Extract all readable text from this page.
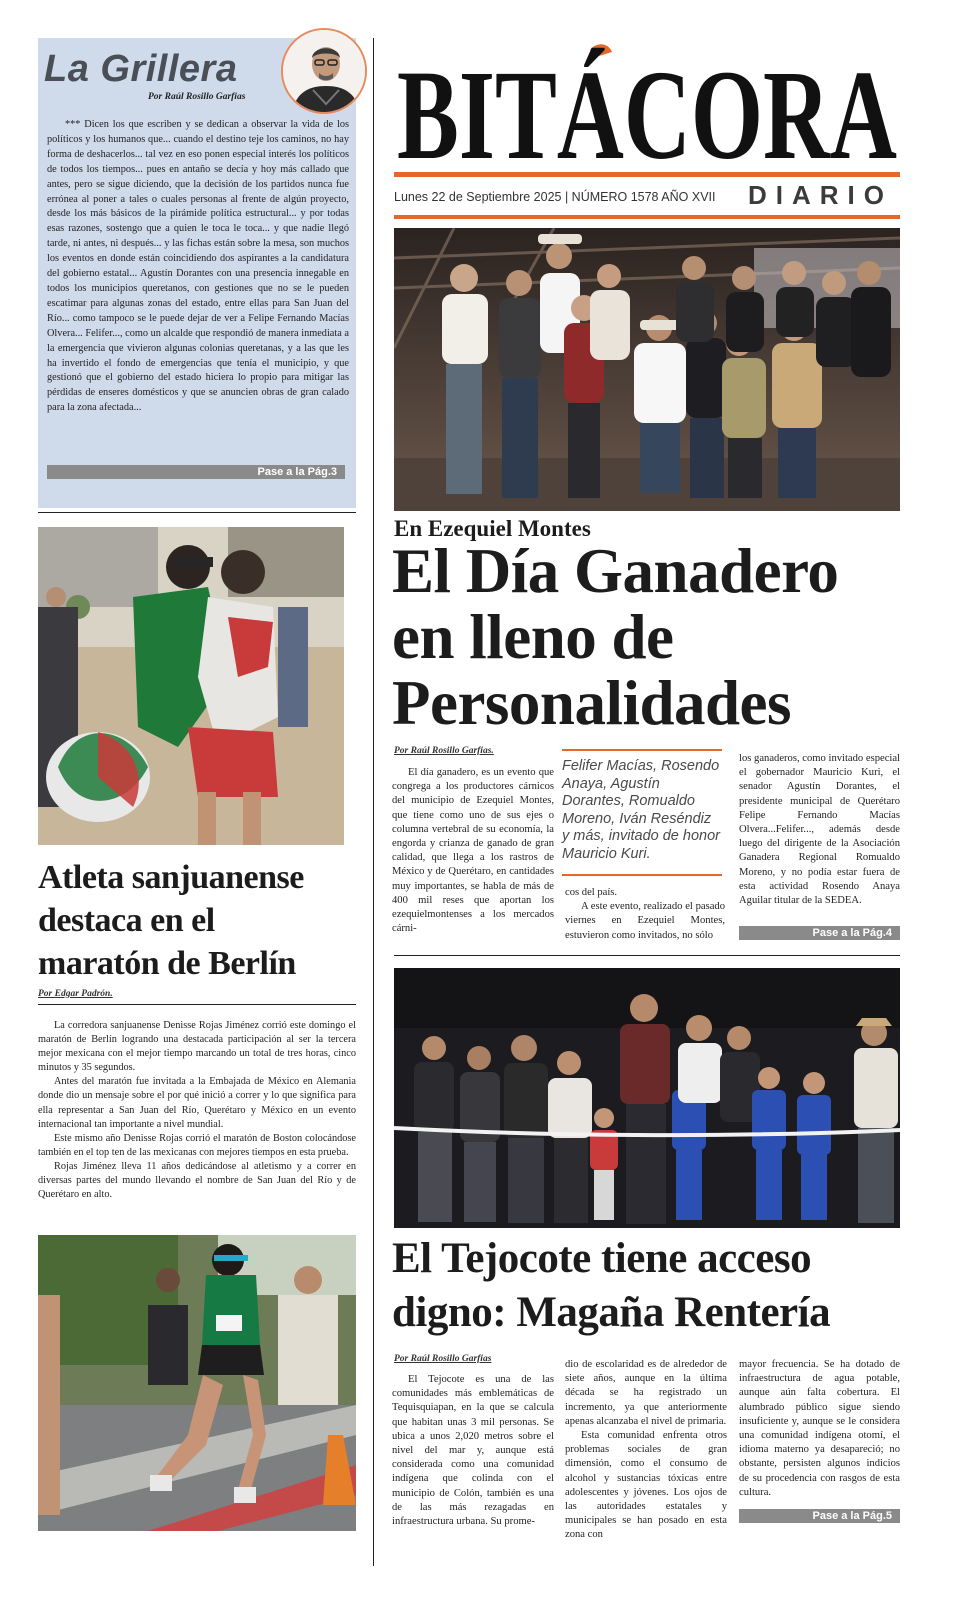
La Grillera
Por Raúl Rosillo Garfias
*** Dicen los que escriben y se dedican a observar la vida de los políticos y los humanos que... cuando el destino teje los caminos, no hay forma de deshacerlos... tal vez en eso ponen especial interés los políticos de todos los tiempos... pues en antaño se decía y hoy más callado que antes, pero se sigue diciendo, que la decisión de los partidos nunca fue errónea al poner a tales o cuales personas al frente de algún proyecto, desde los más básicos de la pirámide política estructural... y por todas esas razones, sostengo que a quien le toca le toca... y que nadie llegó tarde, ni antes, ni después... y las fichas están sobre la mesa, son muchos los eventos en donde están coincidiendo dos aspirantes a la candidatura del gobierno estatal... Agustín Dorantes con una presencia innegable en todos los municipios queretanos, con gestiones que no se le pueden escatimar para algunas zonas del estado, entre ellas para San Juan del Río... como tampoco se le puede dejar de ver a Felipe Fernando Macías Olvera... Felifer..., como un alcalde que respondió de manera inmediata a la emergencia que vivieron algunas colonias queretanas, y a las que les ha invertido el fondo de emergencias que tenía el municipio, y que gestionó que el gobierno del estado hiciera lo propio para mitigar las pérdidas de enseres domésticos y que se anuncien obras de gran calado para la zona afectada...
Pase a la Pág.3
BITÁCORA
Lunes 22 de Septiembre 2025 | NÚMERO 1578 AÑO XVII DIARIO
En Ezequiel Montes
El Día Ganadero
en lleno de
Personalidades
Por Raúl Rosillo Garfias.

El día ganadero, es un evento que congrega a los productores cárnicos del municipio de Ezequiel Montes, que tiene como uno de sus ejes o columna vertebral de su economía, la engorda y crianza de ganado de gran calidad, que llega a los rastros de México y de Querétaro, en cantidades muy importantes, se habla de más de 400 mil reses que aportan los ezequielmontenses a los mercados cárni-

Felifer Macías, Rosendo Anaya, Agustín Dorantes, Romualdo Moreno, Iván Reséndiz y más, invitado de honor Mauricio Kuri.
cos del país.

A este evento, realizado el pasado viernes en Ezequiel Montes, estuvieron como invitados, no sólo

los ganaderos, como invitado especial el gobernador Mauricio Kuri, el senador Agustín Dorantes, el presidente municipal de Querétaro Felipe Fernando Macías Olvera...Felifer..., además desde luego del dirigente de la Asociación Ganadera Regional Romualdo Moreno, y no podía estar fuera de esta actividad Rosendo Anaya Aguilar titular de la SEDEA.
Pase a la Pág.4
Atleta sanjuanense
destaca en el
maratón de Berlín
Por Edgar Padrón.

La corredora sanjuanense Denisse Rojas Jiménez corrió este domingo el maratón de Berlín logrando una destacada participación al ser la tercera mejor mexicana con el mejor tiempo marcando un total de tres horas, cinco minutos y 35 segundos.

Antes del maratón fue invitada a la Embajada de México en Alemania donde dio un mensaje sobre el por qué inició a correr y lo que significa para ella representar a San Juan del Río, Querétaro y México en un evento internacional tan importante a nivel mundial.

Este mismo año Denisse Rojas corrió el maratón de Boston colocándose también en el top ten de las mexicanas con mejores tiempos en esta prueba.

Rojas Jiménez lleva 11 años dedicándose al atletismo y a correr en diversas partes del mundo llevando el nombre de San Juan del Río y de Querétaro en alto.

El Tejocote tiene acceso
digno: Magaña Rentería
Por Raúl Rosillo Garfias

El Tejocote es una de las comunidades más emblemáticas de Tequisquiapan, en la que se calcula que habitan unas 3 mil personas. Se ubica a unos 2,020 metros sobre el nivel del mar y, aunque está considerada como una comunidad indígena que colinda con el municipio de Colón, también es una de las más rezagadas en infraestructura urbana. Su prome-

dio de escolaridad es de alrededor de siete años, aunque en la última década se ha registrado un incremento, ya que anteriormente apenas alcanzaba el nivel de primaria.

Esta comunidad enfrenta otros problemas sociales de gran dimensión, como el consumo de alcohol y sustancias tóxicas entre adolescentes y jóvenes. Los ojos de las autoridades estatales y municipales se han posado en esta zona con

mayor frecuencia. Se ha dotado de infraestructura de agua potable, aunque aún falta cobertura. El alumbrado público sigue siendo insuficiente y, aunque se le considera una comunidad indígena otomí, el idioma materno ya desapareció; no obstante, persisten algunos indicios de su procedencia con rasgos de esta cultura.
Pase a la Pág.5
